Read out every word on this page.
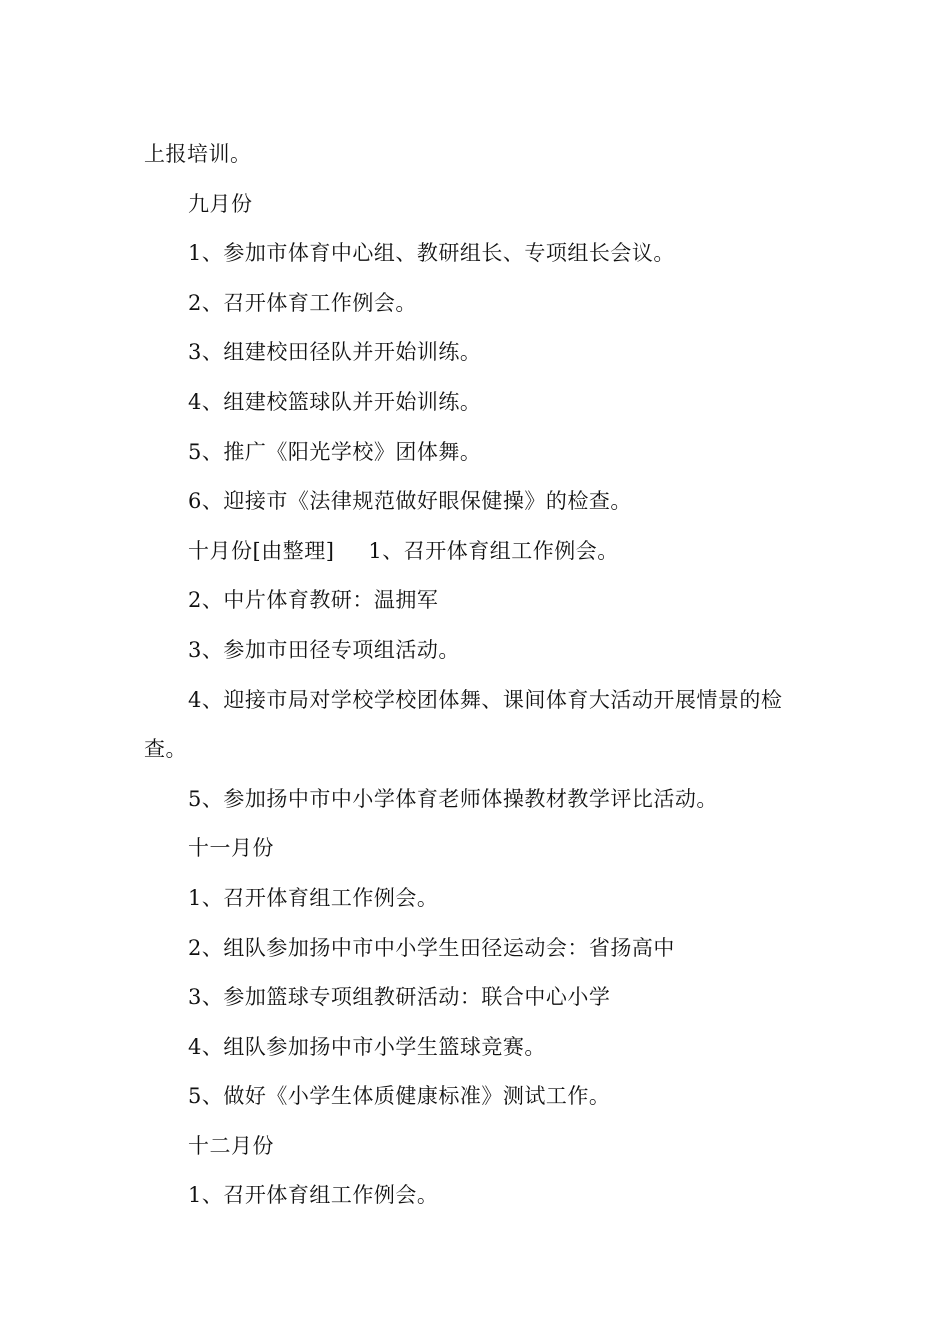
上报培训。
九月份
1、参加市体育中心组、教研组长、专项组长会议。
2、召开体育工作例会。
3、组建校田径队并开始训练。
4、组建校篮球队并开始训练。
5、推广《阳光学校》团体舞。
6、迎接市《法律规范做好眼保健操》的检查。
十月份[由整理] 1、召开体育组工作例会。
2、中片体育教研：温拥军
3、参加市田径专项组活动。
4、迎接市局对学校学校团体舞、课间体育大活动开展情景的检
查。
5、参加扬中市中小学体育老师体操教材教学评比活动。
十一月份
1、召开体育组工作例会。
2、组队参加扬中市中小学生田径运动会：省扬高中
3、参加篮球专项组教研活动：联合中心小学
4、组队参加扬中市小学生篮球竞赛。
5、做好《小学生体质健康标准》测试工作。
十二月份
1、召开体育组工作例会。
